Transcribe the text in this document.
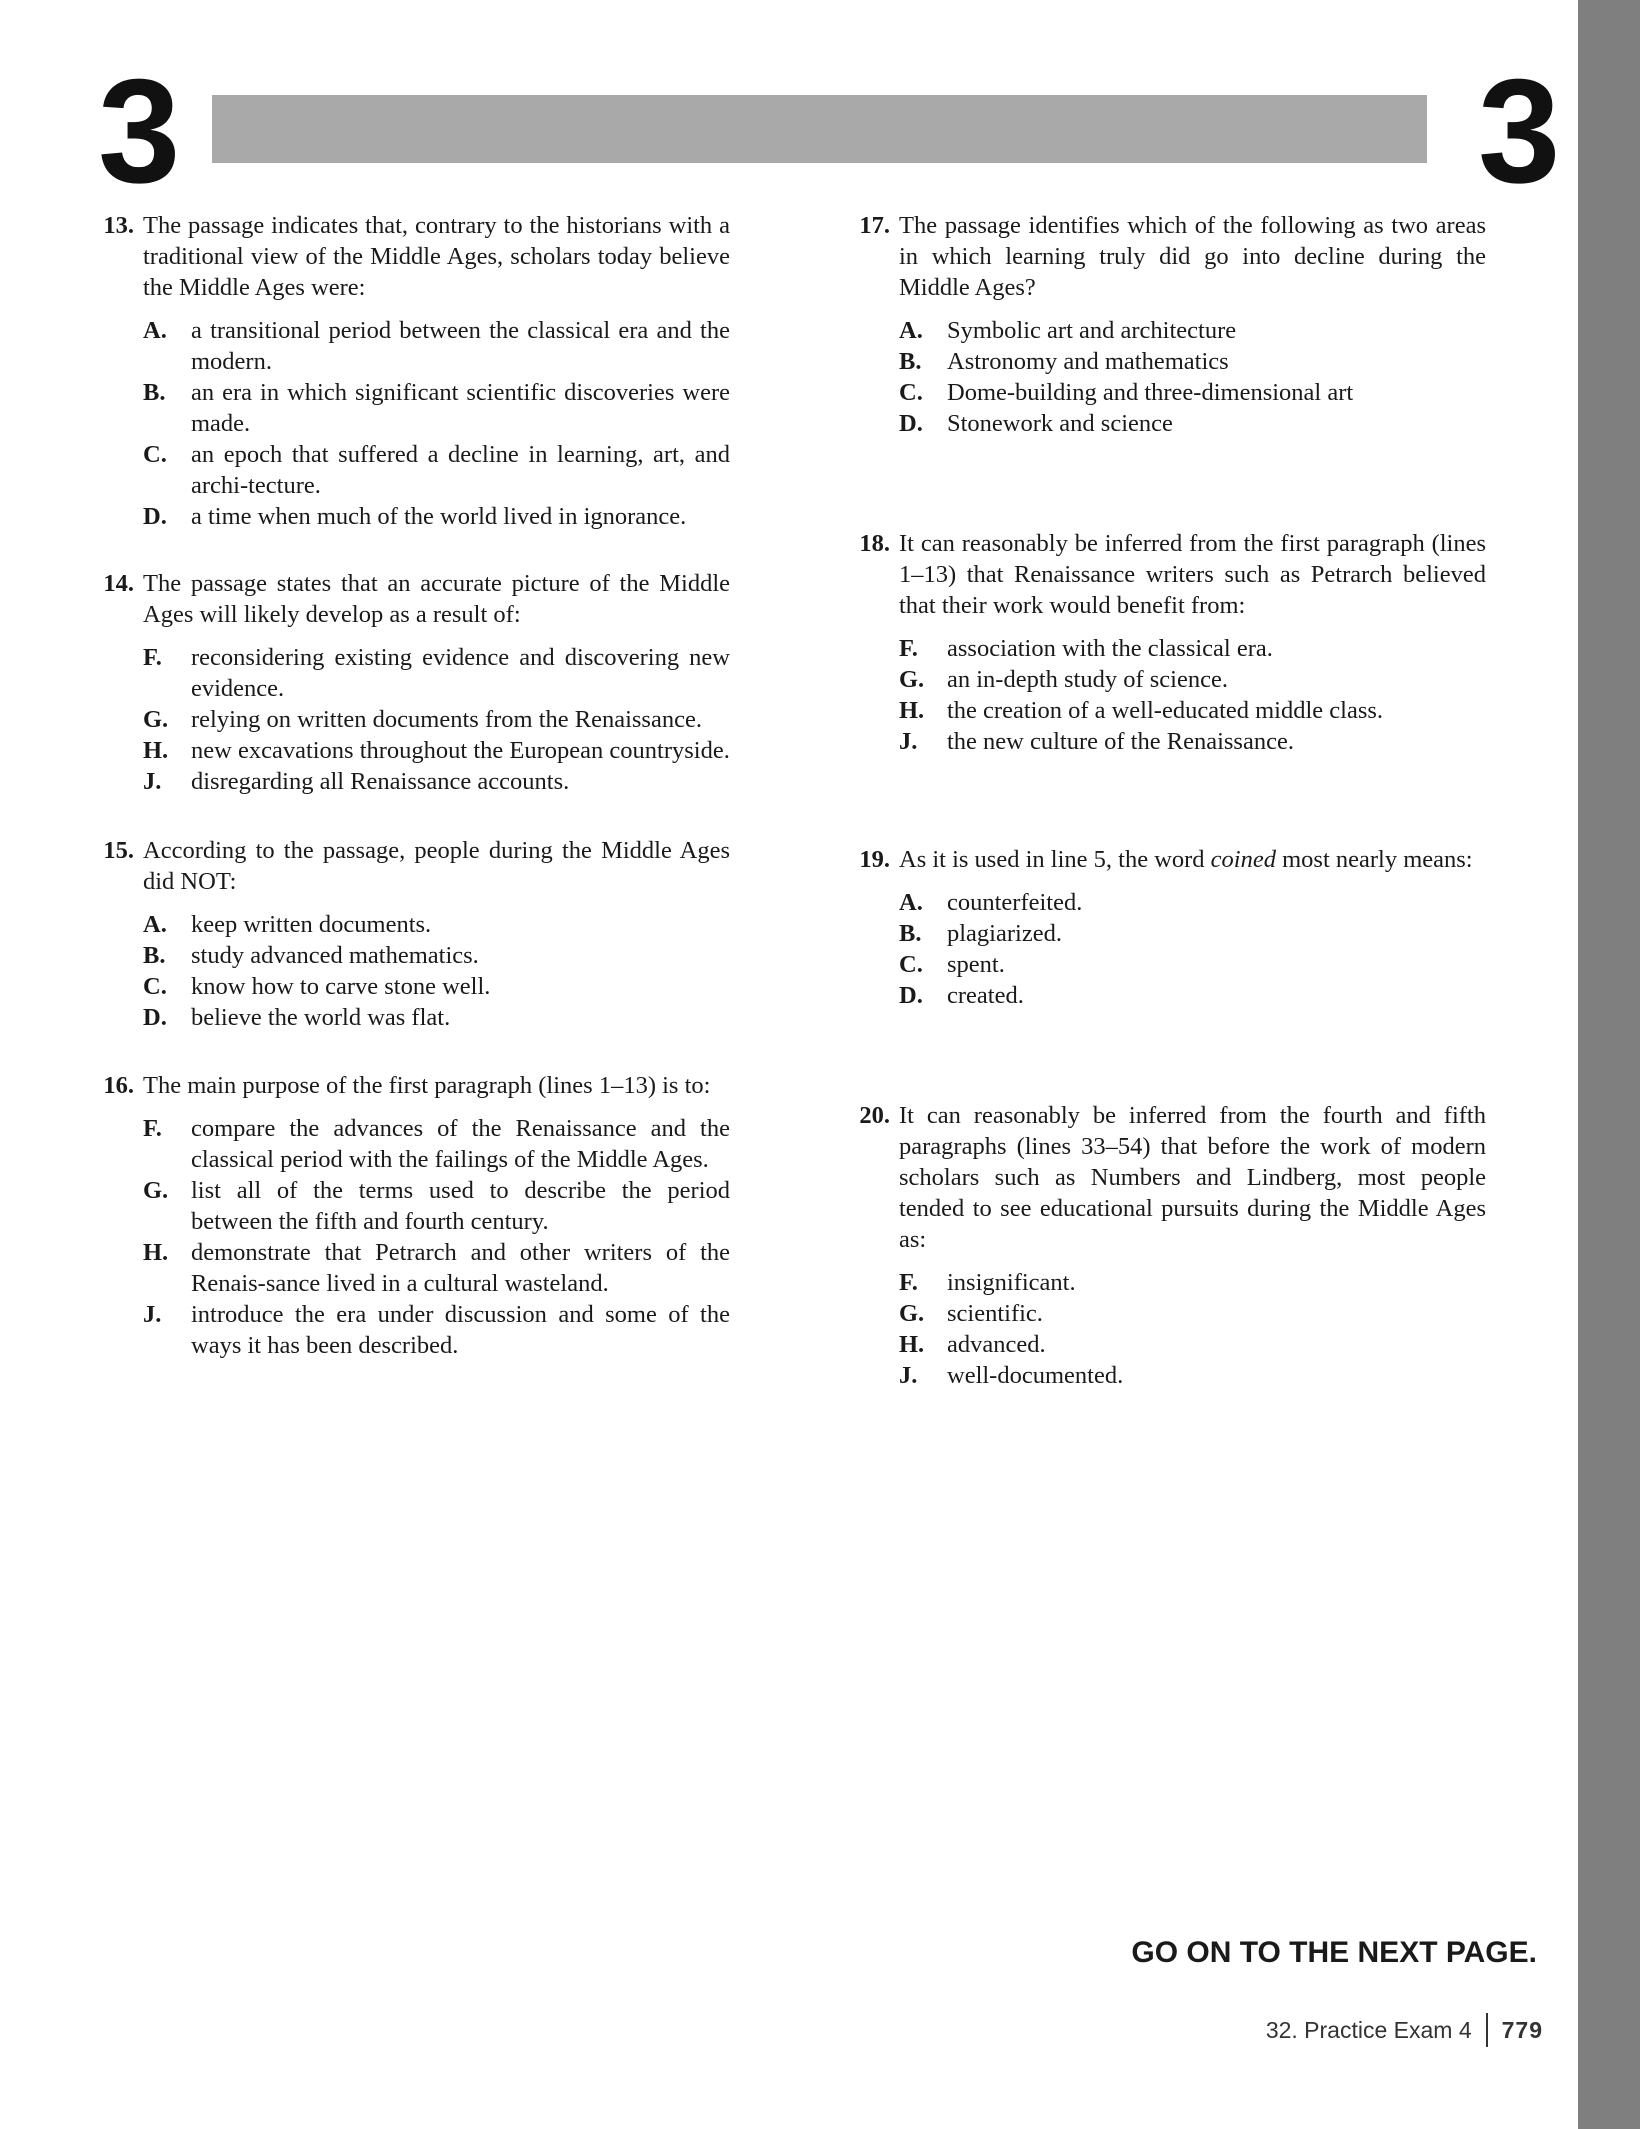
3	3
13. The passage indicates that, contrary to the historians with a traditional view of the Middle Ages, scholars today believe the Middle Ages were:
A. a transitional period between the classical era and the modern.
B.	an era in which significant scientific discoveries were made.
C. an epoch that suffered a decline in learning, art, and archi-tecture.
D. a time when much of the world lived in ignorance.
14. The passage states that an accurate picture of the Middle Ages will likely develop as a result of:
F.	reconsidering existing evidence and discovering new evidence.
G. relying on written documents from the Renaissance.
H. new excavations throughout the European countryside.
J.	disregarding all Renaissance accounts.
15. According to the passage, people during the Middle Ages did NOT:
A. keep written documents.
B.	study advanced mathematics.
C. know how to carve stone well.
D. believe the world was flat.
16. The main purpose of the first paragraph (lines 1–13) is to:
F.	compare the advances of the Renaissance and the classical period with the failings of the Middle Ages.
G. list all of the terms used to describe the period between the fifth and fourth century.
H. demonstrate that Petrarch and other writers of the Renais-sance lived in a cultural wasteland.
J.	introduce the era under discussion and some of the ways it has been described.
17. The passage identifies which of the following as two areas in which learning truly did go into decline during the Middle Ages?
A. Symbolic art and architecture
B.	Astronomy and mathematics
C. Dome-building and three-dimensional art
D. Stonework and science
18. It can reasonably be inferred from the first paragraph (lines 1–13) that Renaissance writers such as Petrarch believed that their work would benefit from:
F.	association with the classical era.
G. an in-depth study of science.
H. the creation of a well-educated middle class.
J.	the new culture of the Renaissance.
19. As it is used in line 5, the word coined most nearly means:
A. counterfeited.
B.	plagiarized.
C. spent.
D. created.
20. It can reasonably be inferred from the fourth and fifth paragraphs (lines 33–54) that before the work of modern scholars such as Numbers and Lindberg, most people tended to see educational pursuits during the Middle Ages as:
F.	insignificant.
G. scientific.
H. advanced.
J.	well-documented.
GO ON TO THE NEXT PAGE.
32. Practice Exam 4 779
